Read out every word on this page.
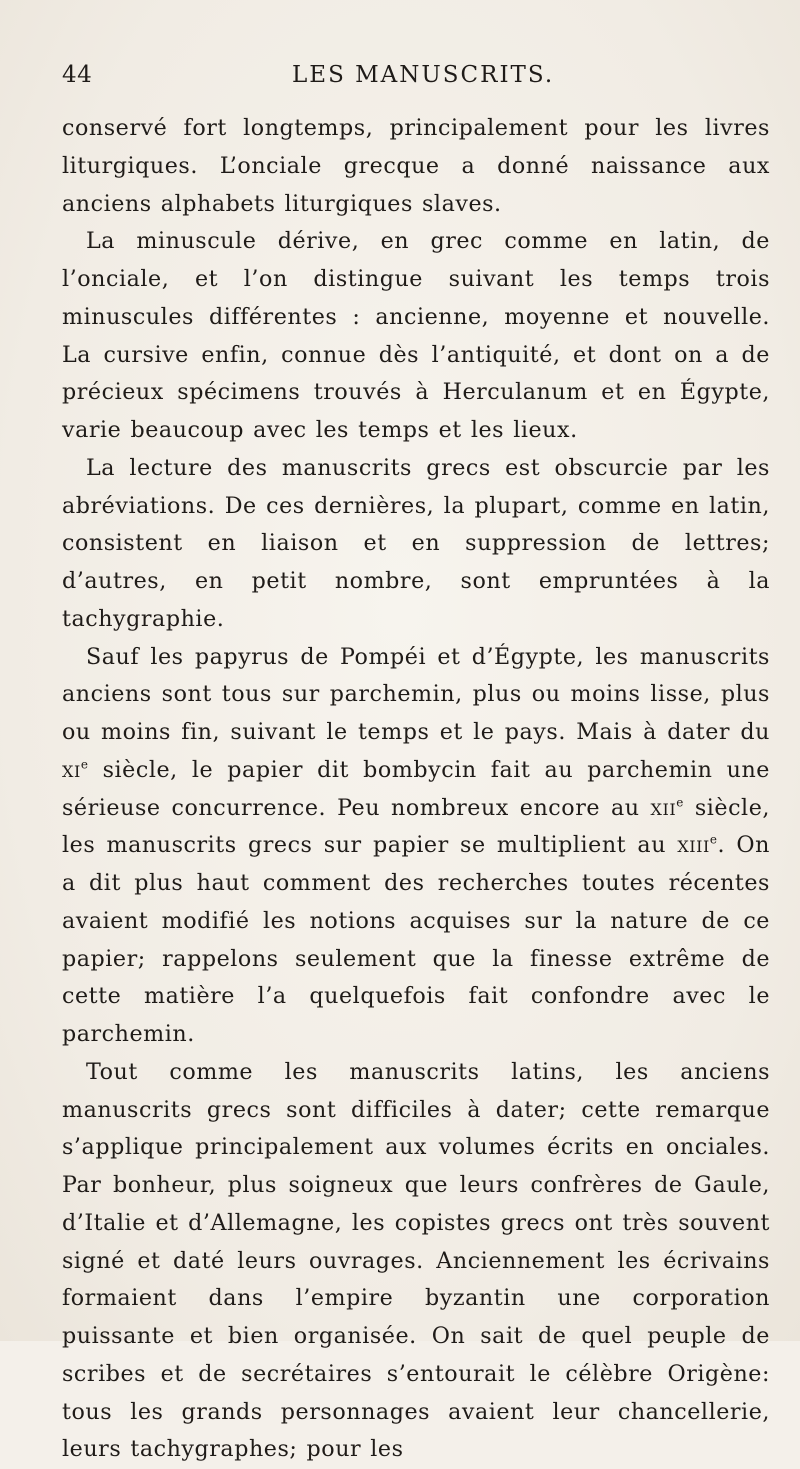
44	LES MANUSCRITS.

conservé fort longtemps, principalement pour les livres liturgiques. L’onciale grecque a donné naissance aux anciens alphabets liturgiques slaves.

La minuscule dérive, en grec comme en latin, de l’onciale, et l’on distingue suivant les temps trois minuscules différentes : ancienne, moyenne et nouvelle. La cursive enfin, connue dès l’antiquité, et dont on a de précieux spécimens trouvés à Herculanum et en Égypte, varie beaucoup avec les temps et les lieux.

La lecture des manuscrits grecs est obscurcie par les abréviations. De ces dernières, la plupart, comme en latin, consistent en liaison et en suppression de lettres; d’autres, en petit nombre, sont empruntées à la tachygraphie.

Sauf les papyrus de Pompéi et d’Égypte, les manuscrits anciens sont tous sur parchemin, plus ou moins lisse, plus ou moins fin, suivant le temps et le pays. Mais à dater du $xi^e$ siècle, le papier dit bombycin fait au parchemin une sérieuse concurrence. Peu nombreux encore au xii$^e$ siècle, les manuscrits grecs sur papier se multiplient au xiii$^e$. On a dit plus haut comment des recherches toutes récentes avaient modifié les notions acquises sur la nature de ce papier; rappelons seulement que la finesse extrême de cette matière l’a quelquefois fait confondre avec le parchemin.

Tout comme les manuscrits latins, les anciens manuscrits grecs sont difficiles à dater; cette remarque s’applique principalement aux volumes écrits en onciales. Par bonheur, plus soigneux que leurs confrères de Gaule, d’Italie et d’Allemagne, les copistes grecs ont très souvent signé et daté leurs ouvrages. Anciennement les écrivains formaient dans l’empire byzantin une corporation puissante et bien organisée. On sait de quel peuple de scribes et de secrétaires s’entourait le célèbre Origène: tous les grands personnages avaient leur chancellerie, leurs tachygraphes; pour les
